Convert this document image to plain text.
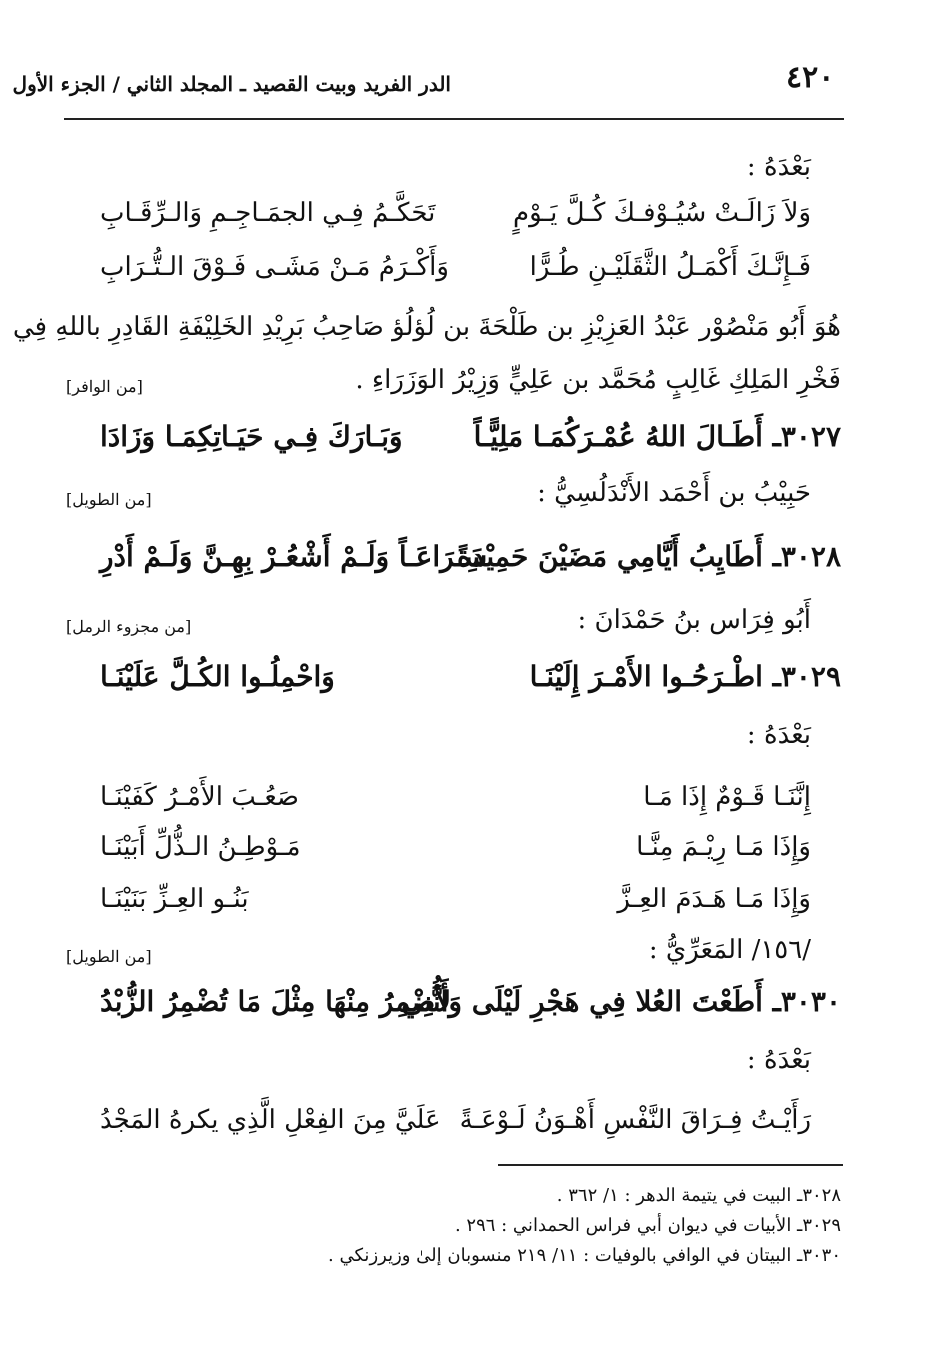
٤٢٠
الدر الفريد وبيت القصيد ـ المجلد الثاني / الجزء الأول
بَعْدَهُ :
وَلاَ زَالَـتْ سُيُـوْفـكَ كُـلَّ يَـوْمٍ
تَحَكَّـمُ فِـي الجمَـاجِـمِ وَالـرِّقَـابِ
فَـإِنَّـكَ أَكْمَـلُ الثَّقَلَيْـنِ طُـرًّا
وَأَكْـرَمُ مَـنْ مَشَـى فَـوْقَ الـتُّـرَابِ
هُوَ أَبُو مَنْصُوْر عَبْدُ العَزِيْزِ بن طَلْحَةَ بن لُؤلُؤ صَاحِبُ بَرِيْدِ الخَلِيْفَةِ القَادِرِ باللهِ فِي
فَخْرِ المَلِكِ غَالِبٍ مُحَمَّد بن عَلِيٍّ وَزِيْرُ الوَزَرَاءِ .
[من الوافر]
٣٠٢٧ـ أَطَـالَ اللهُ عُمْـرَكُمَـا مَلِيًّـاً
وَبَـارَكَ فِـي حَيَـاتِكِمَـا وَزَادَا
حَبِيْبُ بن أَحْمَد الأَنْدَلُسِيُّ :
[من الطويل]
٣٠٢٨ـ أَطَايِبُ أَيَّامِي مَضَيْنَ حَمِيْدَةً
سِـرَاعَـاً وَلَـمْ أَشْعُـرْ بِهِـنَّ وَلَـمْ أَدْرِ
أَبُو فِرَاس بنُ حَمْدَانَ :
[من مجزوء الرمل]
٣٠٢٩ـ اطْـرَحُـوا الأَمْـرَ إِلَيْنَـا
وَاحْمِلُـوا الكُـلَّ عَلَيْنَـا
بَعْدَهُ :
إِنَّنَـا قَـوْمٌ إِذَا مَـا
صَعُـبَ الأَمْـرُ كَفَيْنَـا
وَإِذَا مَـا رِيْـمَ مِنَّـا
مَـوْطِـنُ الـذُّلِّ أَبَيْنَـا
وَإِذَا مَـا هَـدَمَ العِـزَّ
بَنُـو العِـزِّ بَنَيْنَـا
/١٥٦/ المَعَرِّيُّ :
[من الطويل]
٣٠٣٠ـ أَطَعْتَ العُلا فِي هَجْرِ لَيْلَى وَأَنَّنِي
لأُضْمِرُ مِنْهَا مِثْلَ مَا تُضْمِرُ الزُّبْدُ
بَعْدَهُ :
رَأَيْـتُ فِـرَاقَ النَّفْسِ أَهْـوَنُ لَـوْعَـةً
عَلَيَّ مِنَ الفِعْلِ الَّذِي يكرهُ المَجْدُ
٣٠٢٨ـ البيت في يتيمة الدهر : ١/ ٣٦٢ .
٣٠٢٩ـ الأبيات في ديوان أبي فراس الحمداني : ٢٩٦ .
٣٠٣٠ـ البيتان في الوافي بالوفيات : ١١/ ٢١٩ منسوبان إلىٰ وزيرزنكي .
